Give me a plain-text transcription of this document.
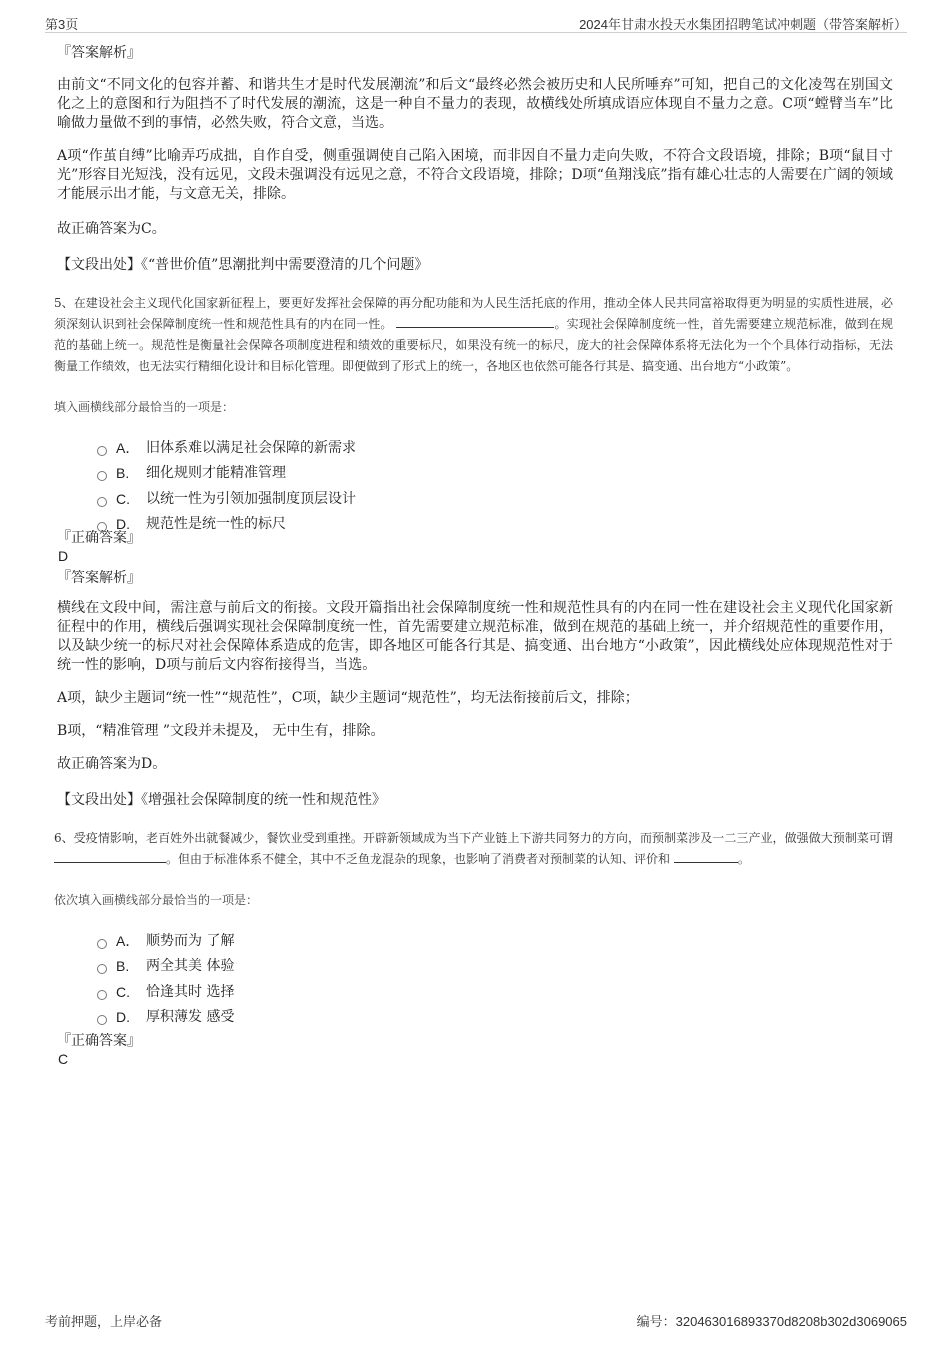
第3页	2024年甘肃水投天水集团招聘笔试冲刺题（带答案解析）
『答案解析』

由前文“不同文化的包容并蓄、和谐共生才是时代发展潮流”和后文“最终必然会被历史和人民所唾弃”可知，把自己的文化凌驾在别国文化之上的意图和行为阻挡不了时代发展的潮流，这是一种自不量力的表现，故横线处所填成语应体现自不量力之意。C项“螳臂当车”比喻做力量做不到的事情，必然失败，符合文意，当选。

A项“作茧自缚”比喻弄巧成拙，自作自受，侧重强调使自己陷入困境，而非因自不量力走向失败，不符合文段语境，排除；B项“鼠目寸光”形容目光短浅，没有远见，文段未强调没有远见之意，不符合文段语境，排除；D项“鱼翔浅底”指有雄心壮志的人需要在广阔的领域才能展示出才能，与文意无关，排除。

故正确答案为C。

【文段出处】《“普世价值”思潮批判中需要澄清的几个问题》

5、在建设社会主义现代化国家新征程上，要更好发挥社会保障的再分配功能和为人民生活托底的作用，推动全体人民共同富裕取得更为明显的实质性进展，必须深刻认识到社会保障制度统一性和规范性具有的内在同一性。	。实现社会保障制度统一性，首先需要建立规范标准，做到在规范的基础上统一。规范性是衡量社会保障各项制度进程和绩效的重要标尺，如果没有统一的标尺，庞大的社会保障体系将无法化为一个个具体行动指标，无法衡量工作绩效，也无法实行精细化设计和目标化管理。即便做到了形式上的统一，各地区也依然可能各行其是、搞变通、出台地方“小政策”。

填入画横线部分最恰当的一项是：

A． 旧体系难以满足社会保障的新需求
B.	细化规则才能精准管理
C.	以统一性为引领加强制度顶层设计
D.	规范性是统一性的标尺
『正确答案』
D
『答案解析』

横线在文段中间，需注意与前后文的衔接。文段开篇指出社会保障制度统一性和规范性具有的内在同一性在建设社会主义现代化国家新征程中的作用，横线后强调实现社会保障制度统一性，首先需要建立规范标准，做到在规范的基础上统一，并介绍规范性的重要作用，以及缺少统一的标尺对社会保障体系造成的危害，即各地区可能各行其是、搞变通、出台地方“小政策”，因此横线处应体现规范性对于统一性的影响，D项与前后文内容衔接得当，当选。

A项，缺少主题词“统一性”“规范性”，C项，缺少主题词“规范性”，均无法衔接前后文，排除；

B项，“精准管理 ”文段并未提及， 无中生有，排除。

故正确答案为D。

【文段出处】《增强社会保障制度的统一性和规范性》

6、受疫情影响，老百姓外出就餐减少，餐饮业受到重挫。开辟新领域成为当下产业链上下游共同努力的方向，而预制菜涉及一二三产业，做强做大预制菜可谓 。但由于标准体系不健全，其中不乏鱼龙混杂的现象，也影响了消费者对预制菜的认知、评价和	。

依次填入画横线部分最恰当的一项是：

A． 顺势而为 了解
B.	两全其美 体验
C.	恰逢其时 选择
D.	厚积薄发 感受
『正确答案』
C
考前押题，上岸必备	编号：320463016893370d8208b302d3069065
